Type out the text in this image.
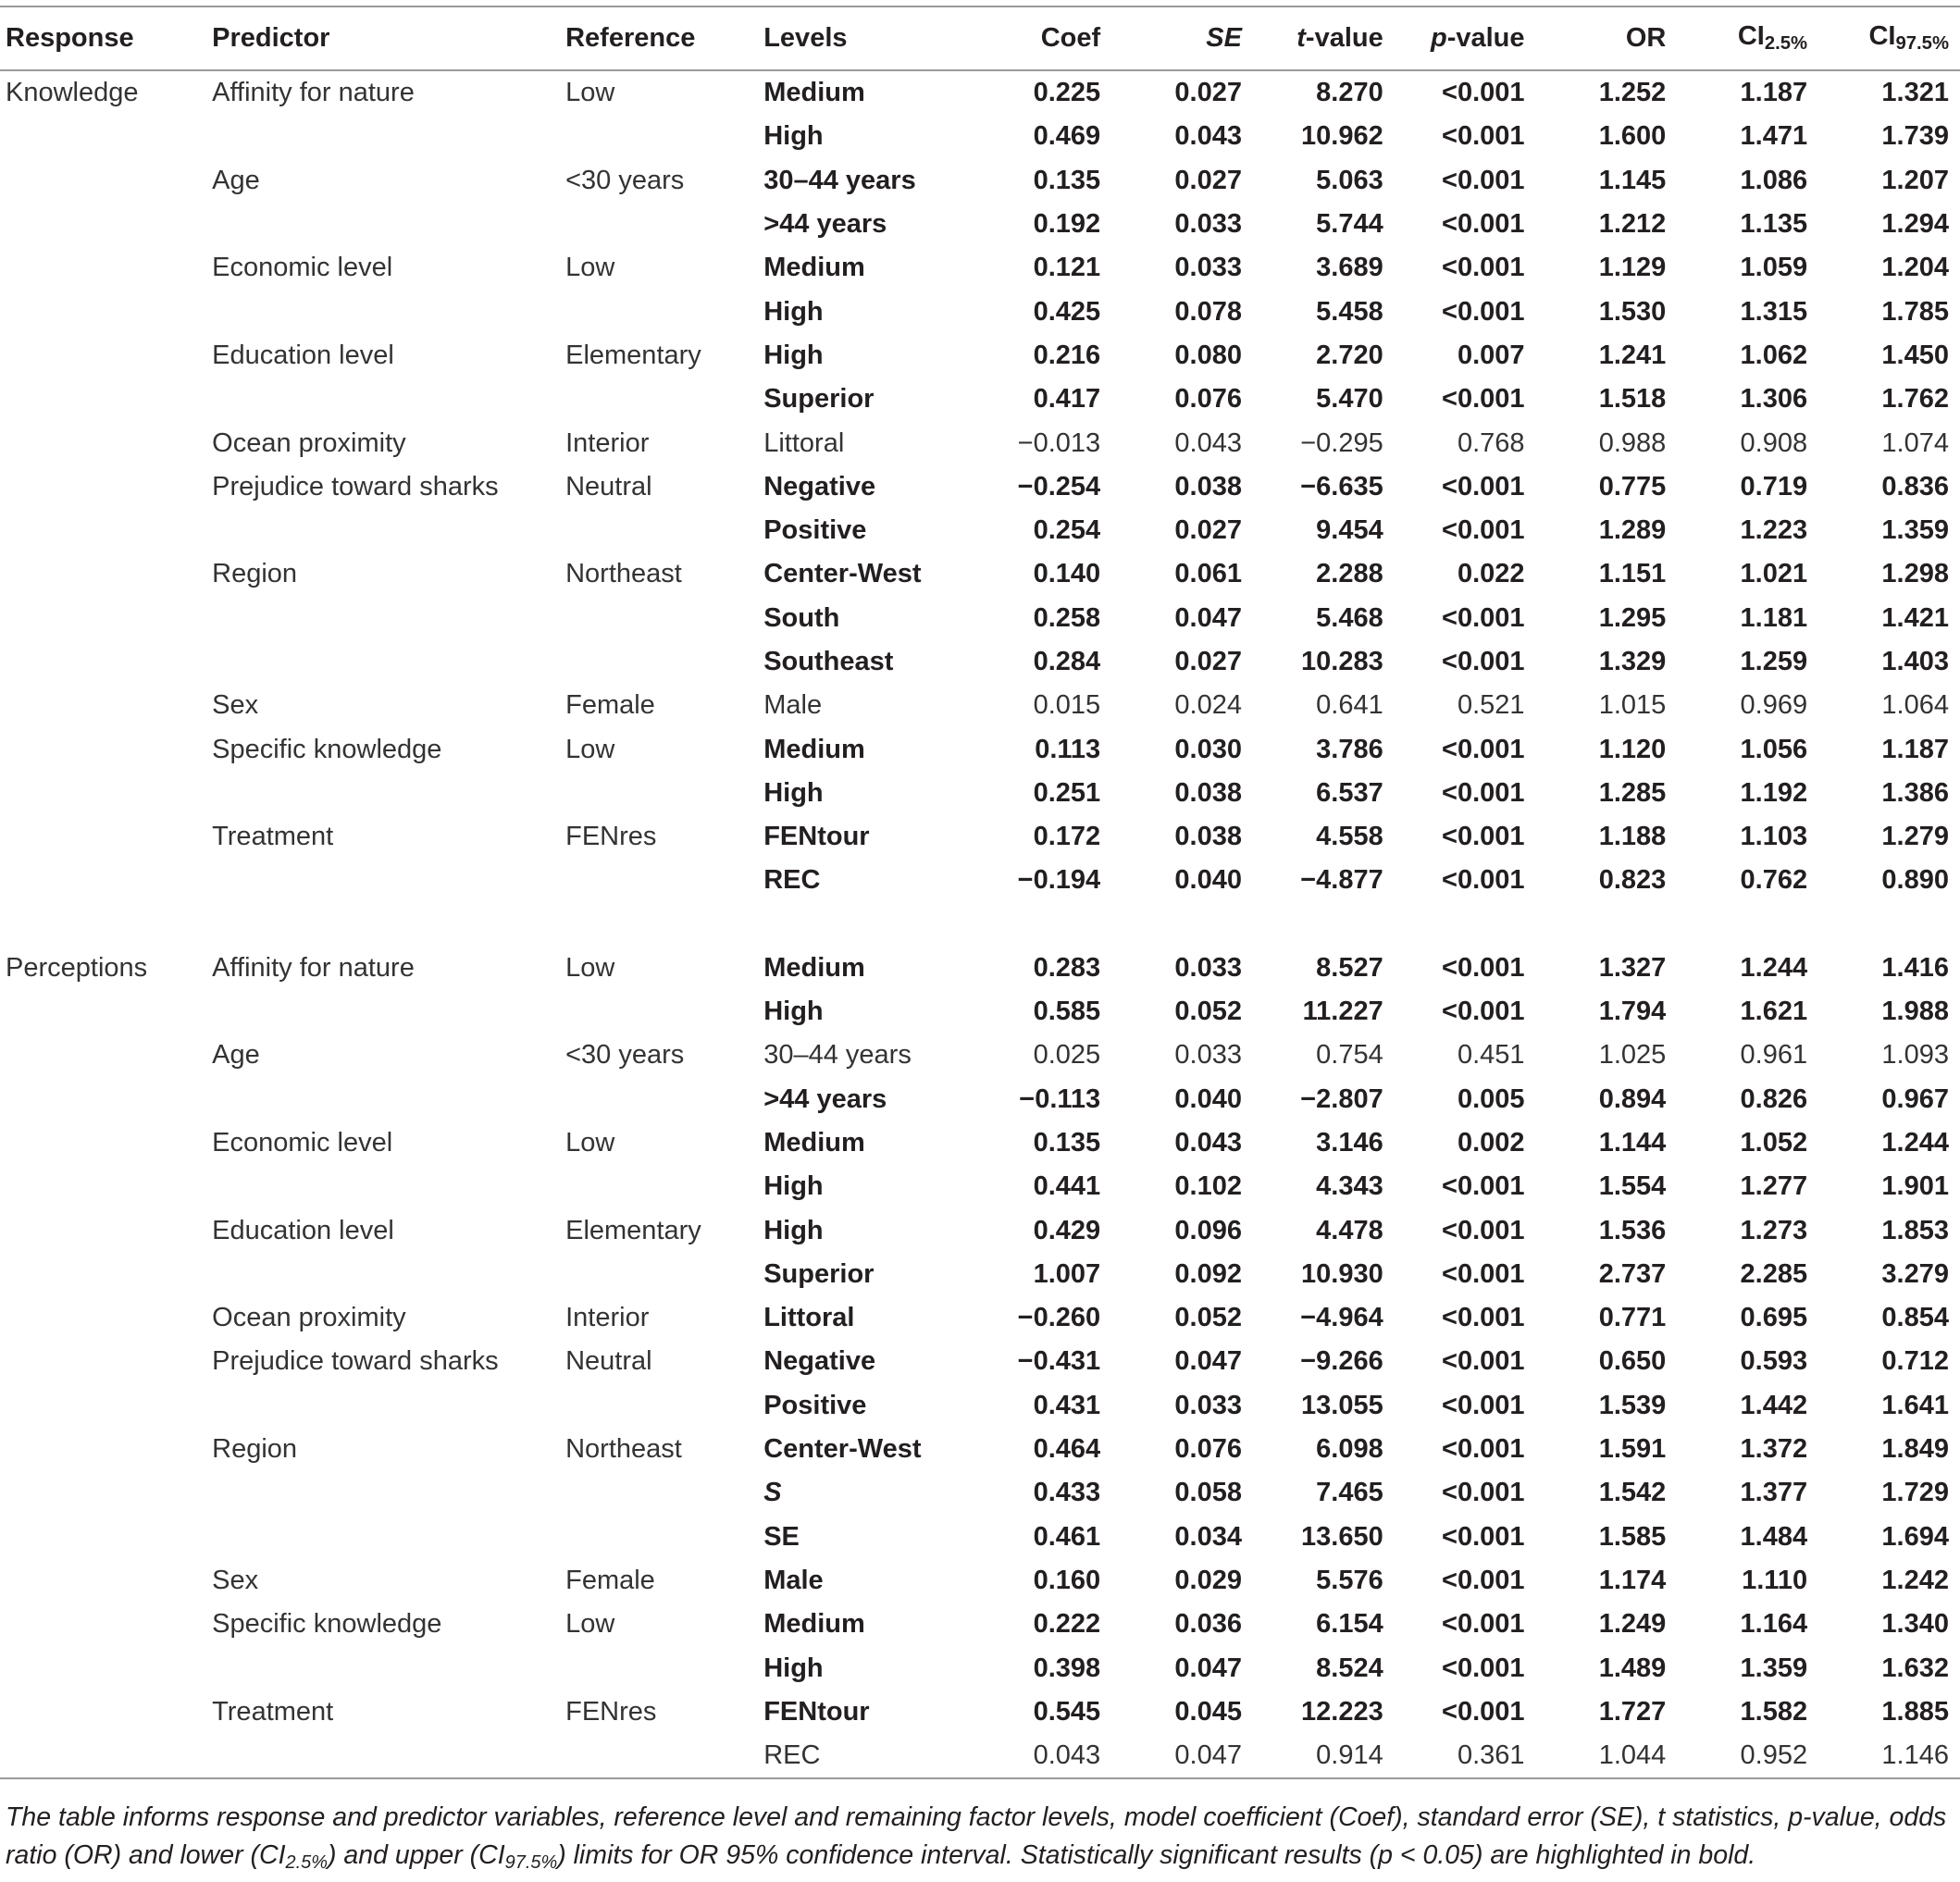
Response	Predictor	Reference	Levels	Coef	SE	t-value	p-value	OR	$CI_{2.5\%}$	$CI_{97.5\%}$
Knowledge	Affinity for nature	Low	Medium	0.225	0.027	8.270	<0.001	1.252	1.187	1.321
			High	0.469	0.043	10.962	<0.001	1.600	1.471	1.739
	Age	<30 years	30–44 years	0.135	0.027	5.063	<0.001	1.145	1.086	1.207
			>44 years	0.192	0.033	5.744	<0.001	1.212	1.135	1.294
	Economic level	Low	Medium	0.121	0.033	3.689	<0.001	1.129	1.059	1.204
			High	0.425	0.078	5.458	<0.001	1.530	1.315	1.785
	Education level	Elementary	High	0.216	0.080	2.720	0.007	1.241	1.062	1.450
			Superior	0.417	0.076	5.470	<0.001	1.518	1.306	1.762
	Ocean proximity	Interior	Littoral	−0.013	0.043	−0.295	0.768	0.988	0.908	1.074
	Prejudice toward sharks	Neutral	Negative	−0.254	0.038	−6.635	<0.001	0.775	0.719	0.836
			Positive	0.254	0.027	9.454	<0.001	1.289	1.223	1.359
	Region	Northeast	Center-West	0.140	0.061	2.288	0.022	1.151	1.021	1.298
			South	0.258	0.047	5.468	<0.001	1.295	1.181	1.421
			Southeast	0.284	0.027	10.283	<0.001	1.329	1.259	1.403
	Sex	Female	Male	0.015	0.024	0.641	0.521	1.015	0.969	1.064
	Specific knowledge	Low	Medium	0.113	0.030	3.786	<0.001	1.120	1.056	1.187
			High	0.251	0.038	6.537	<0.001	1.285	1.192	1.386
	Treatment	FENres	FENtour	0.172	0.038	4.558	<0.001	1.188	1.103	1.279
			REC	−0.194	0.040	−4.877	<0.001	0.823	0.762	0.890

Perceptions	Affinity for nature	Low	Medium	0.283	0.033	8.527	<0.001	1.327	1.244	1.416
			High	0.585	0.052	11.227	<0.001	1.794	1.621	1.988
	Age	<30 years	30–44 years	0.025	0.033	0.754	0.451	1.025	0.961	1.093
			>44 years	−0.113	0.040	−2.807	0.005	0.894	0.826	0.967
	Economic level	Low	Medium	0.135	0.043	3.146	0.002	1.144	1.052	1.244
			High	0.441	0.102	4.343	<0.001	1.554	1.277	1.901
	Education level	Elementary	High	0.429	0.096	4.478	<0.001	1.536	1.273	1.853
			Superior	1.007	0.092	10.930	<0.001	2.737	2.285	3.279
	Ocean proximity	Interior	Littoral	−0.260	0.052	−4.964	<0.001	0.771	0.695	0.854
	Prejudice toward sharks	Neutral	Negative	−0.431	0.047	−9.266	<0.001	0.650	0.593	0.712
			Positive	0.431	0.033	13.055	<0.001	1.539	1.442	1.641
	Region	Northeast	Center-West	0.464	0.076	6.098	<0.001	1.591	1.372	1.849
			S	0.433	0.058	7.465	<0.001	1.542	1.377	1.729
			SE	0.461	0.034	13.650	<0.001	1.585	1.484	1.694
	Sex	Female	Male	0.160	0.029	5.576	<0.001	1.174	1.110	1.242
	Specific knowledge	Low	Medium	0.222	0.036	6.154	<0.001	1.249	1.164	1.340
			High	0.398	0.047	8.524	<0.001	1.489	1.359	1.632
	Treatment	FENres	FENtour	0.545	0.045	12.223	<0.001	1.727	1.582	1.885
			REC	0.043	0.047	0.914	0.361	1.044	0.952	1.146
The table informs response and predictor variables, reference level and remaining factor levels, model coefficient (Coef), standard error (SE), t statistics, p-value, odds ratio (OR) and lower $(CI_{2.5\%})$ and upper $(CI_{97.5\%})$ limits for OR 95% confidence interval. Statistically significant results (p < 0.05) are highlighted in bold.
